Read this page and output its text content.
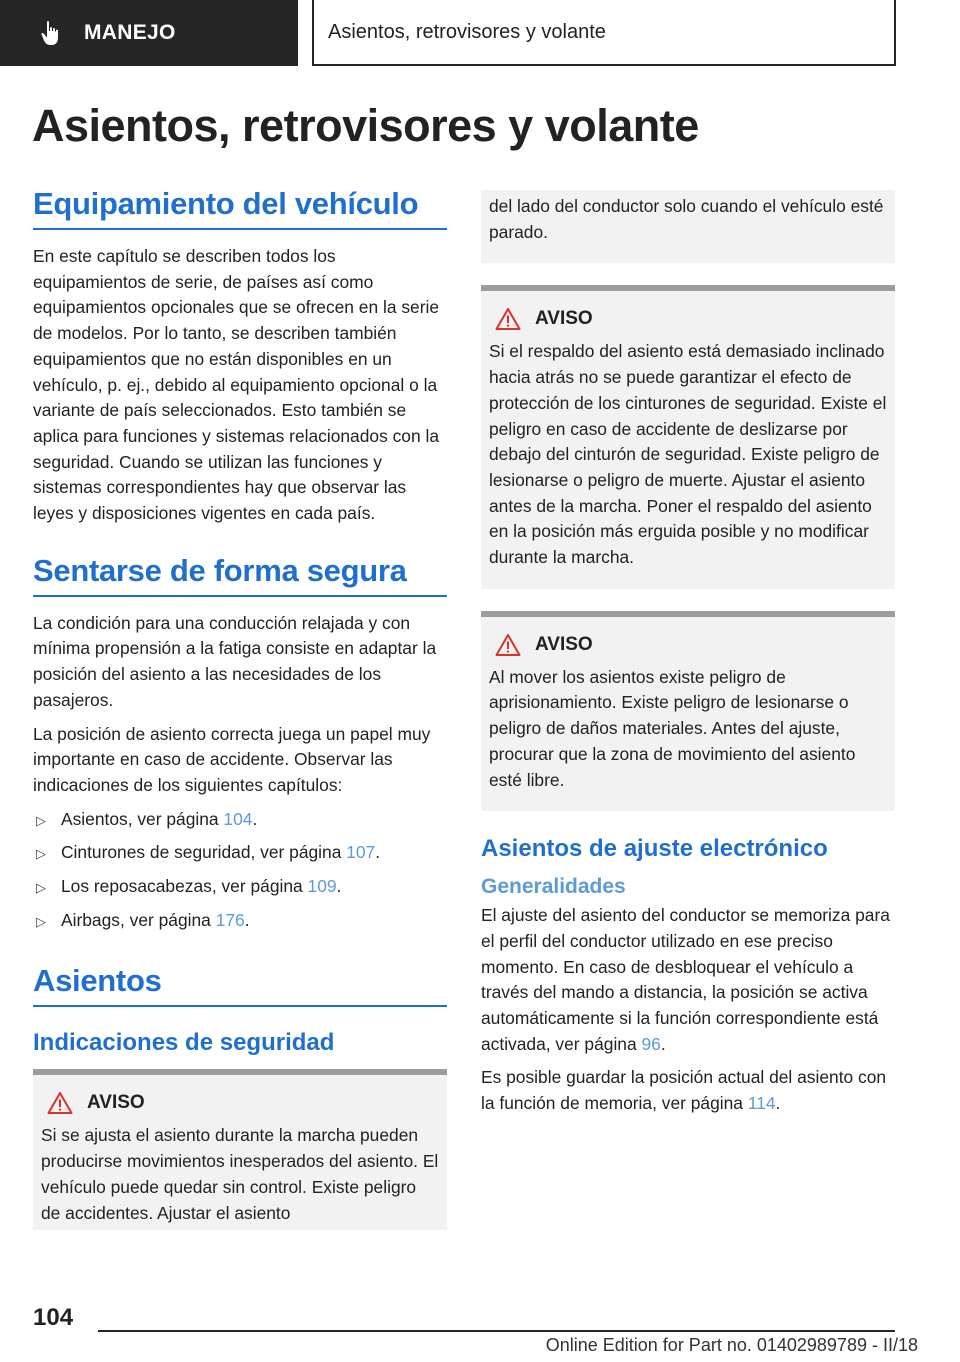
MANEJO	Asientos, retrovisores y volante
Asientos, retrovisores y volante
Equipamiento del vehículo

En este capítulo se describen todos los equipamientos de serie, de países así como equipamientos opcionales que se ofrecen en la serie de modelos. Por lo tanto, se describen también equipamientos que no están disponibles en un vehículo, p. ej., debido al equipamiento opcional o la variante de país seleccionados. Esto también se aplica para funciones y sistemas relacionados con la seguridad. Cuando se utilizan las funciones y sistemas correspondientes hay que observar las leyes y disposiciones vigentes en cada país.

Sentarse de forma segura

La condición para una conducción relajada y con mínima propensión a la fatiga consiste en adaptar la posición del asiento a las necesidades de los pasajeros.

La posición de asiento correcta juega un papel muy importante en caso de accidente. Observar las indicaciones de los siguientes capítulos:

▷ Asientos, ver página 104.
▷ Cinturones de seguridad, ver página 107.
▷ Los reposacabezas, ver página 109.
▷ Airbags, ver página 176.
Asientos
Indicaciones de seguridad
AVISO

Si se ajusta el asiento durante la marcha pueden producirse movimientos inesperados del asiento. El vehículo puede quedar sin control. Existe peligro de accidentes. Ajustar el asiento

del lado del conductor solo cuando el vehículo esté parado.

AVISO

Si el respaldo del asiento está demasiado inclinado hacia atrás no se puede garantizar el efecto de protección de los cinturones de seguridad. Existe el peligro en caso de accidente de deslizarse por debajo del cinturón de seguridad. Existe peligro de lesionarse o peligro de muerte. Ajustar el asiento antes de la marcha. Poner el respaldo del asiento en la posición más erguida posible y no modificar durante la marcha.

AVISO

Al mover los asientos existe peligro de aprisionamiento. Existe peligro de lesionarse o peligro de daños materiales. Antes del ajuste, procurar que la zona de movimiento del asiento esté libre.

Asientos de ajuste electrónico
Generalidades

El ajuste del asiento del conductor se memoriza para el perfil del conductor utilizado en ese preciso momento. En caso de desbloquear el vehículo a través del mando a distancia, la posición se activa automáticamente si la función correspondiente está activada, ver página 96.

Es posible guardar la posición actual del asiento con la función de memoria, ver página 114.

104
Online Edition for Part no. 01402989789 - II/18
